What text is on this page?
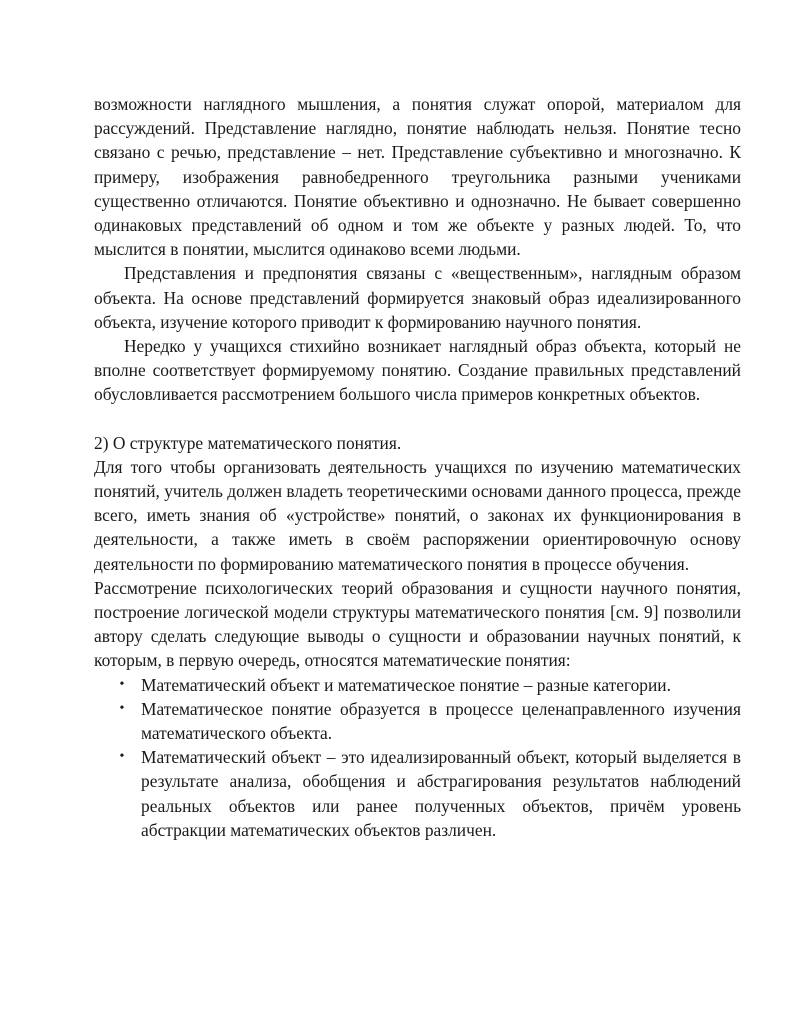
возможности наглядного мышления, а понятия служат опорой, материалом для рассуждений. Представление наглядно, понятие наблюдать нельзя. Понятие тесно связано с речью, представление – нет. Представление субъективно и многозначно. К примеру, изображения равнобедренного треугольника разными учениками существенно отличаются. Понятие объективно и однозначно. Не бывает совершенно одинаковых представлений об одном и том же объекте у разных людей. То, что мыслится в понятии, мыслится одинаково всеми людьми.

Представления и предпонятия связаны с «вещественным», наглядным образом объекта. На основе представлений формируется знаковый образ идеализированного объекта, изучение которого приводит к формированию научного понятия.

Нередко у учащихся стихийно возникает наглядный образ объекта, который не вполне соответствует формируемому понятию. Создание правильных представлений обусловливается рассмотрением большого числа примеров конкретных объектов.

2) О структуре математического понятия.

Для того чтобы организовать деятельность учащихся по изучению математических понятий, учитель должен владеть теоретическими основами данного процесса, прежде всего, иметь знания об «устройстве» понятий, о законах их функционирования в деятельности, а также иметь в своём распоряжении ориентировочную основу деятельности по формированию математического понятия в процессе обучения.

Рассмотрение психологических теорий образования и сущности научного понятия, построение логической модели структуры математического понятия [см. 9] позволили автору сделать следующие выводы о сущности и образовании научных понятий, к которым, в первую очередь, относятся математические понятия:

• Математический объект и математическое понятие – разные категории.
• Математическое понятие образуется в процессе целенаправленного изучения математического объекта.
• Математический объект – это идеализированный объект, который выделяется в результате анализа, обобщения и абстрагирования результатов наблюдений реальных объектов или ранее полученных объектов, причём уровень абстракции математических объектов различен.
